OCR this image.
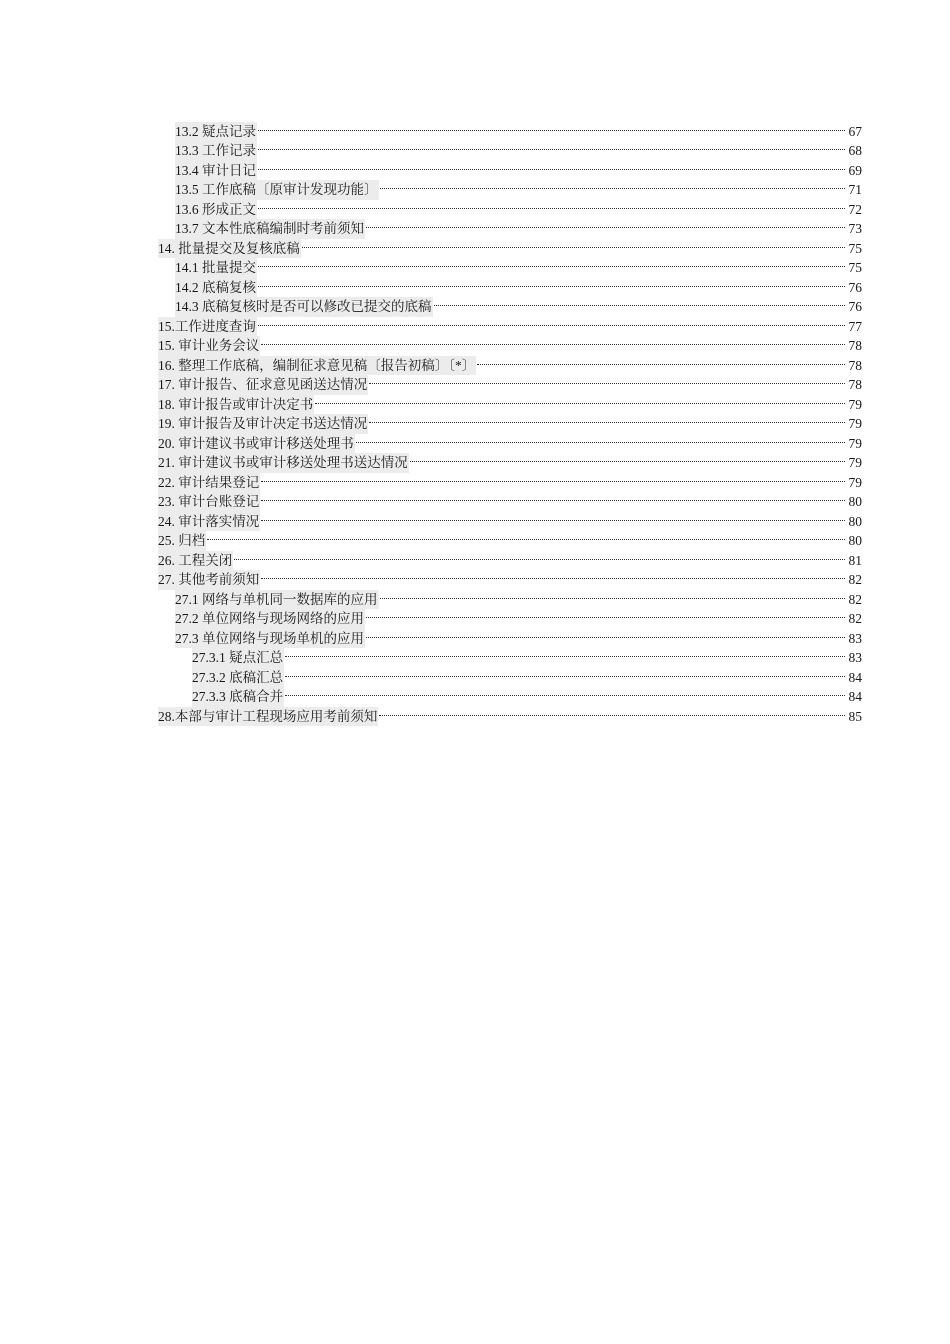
13.2 疑点记录	67
13.3 工作记录	68
13.4 审计日记	69
13.5 工作底稿〔原审计发现功能〕	71
13.6 形成正文	72
13.7 文本性底稿编制时考前须知	73
14. 批量提交及复核底稿	75
14.1 批量提交	75
14.2 底稿复核	76
14.3 底稿复核时是否可以修改已提交的底稿	76
15.工作进度查询	77
15. 审计业务会议	78
16. 整理工作底稿，编制征求意见稿〔报告初稿〕〔*〕	78
17. 审计报告、征求意见函送达情况	78
18. 审计报告或审计决定书	79
19. 审计报告及审计决定书送达情况	79
20. 审计建议书或审计移送处理书	79
21. 审计建议书或审计移送处理书送达情况	79
22. 审计结果登记	79
23. 审计台账登记	80
24. 审计落实情况	80
25. 归档	80
26. 工程关闭	81
27. 其他考前须知	82
27.1 网络与单机同一数据库的应用	82
27.2 单位网络与现场网络的应用	82
27.3 单位网络与现场单机的应用	83
27.3.1 疑点汇总	83
27.3.2 底稿汇总	84
27.3.3 底稿合并	84
28.本部与审计工程现场应用考前须知	85
